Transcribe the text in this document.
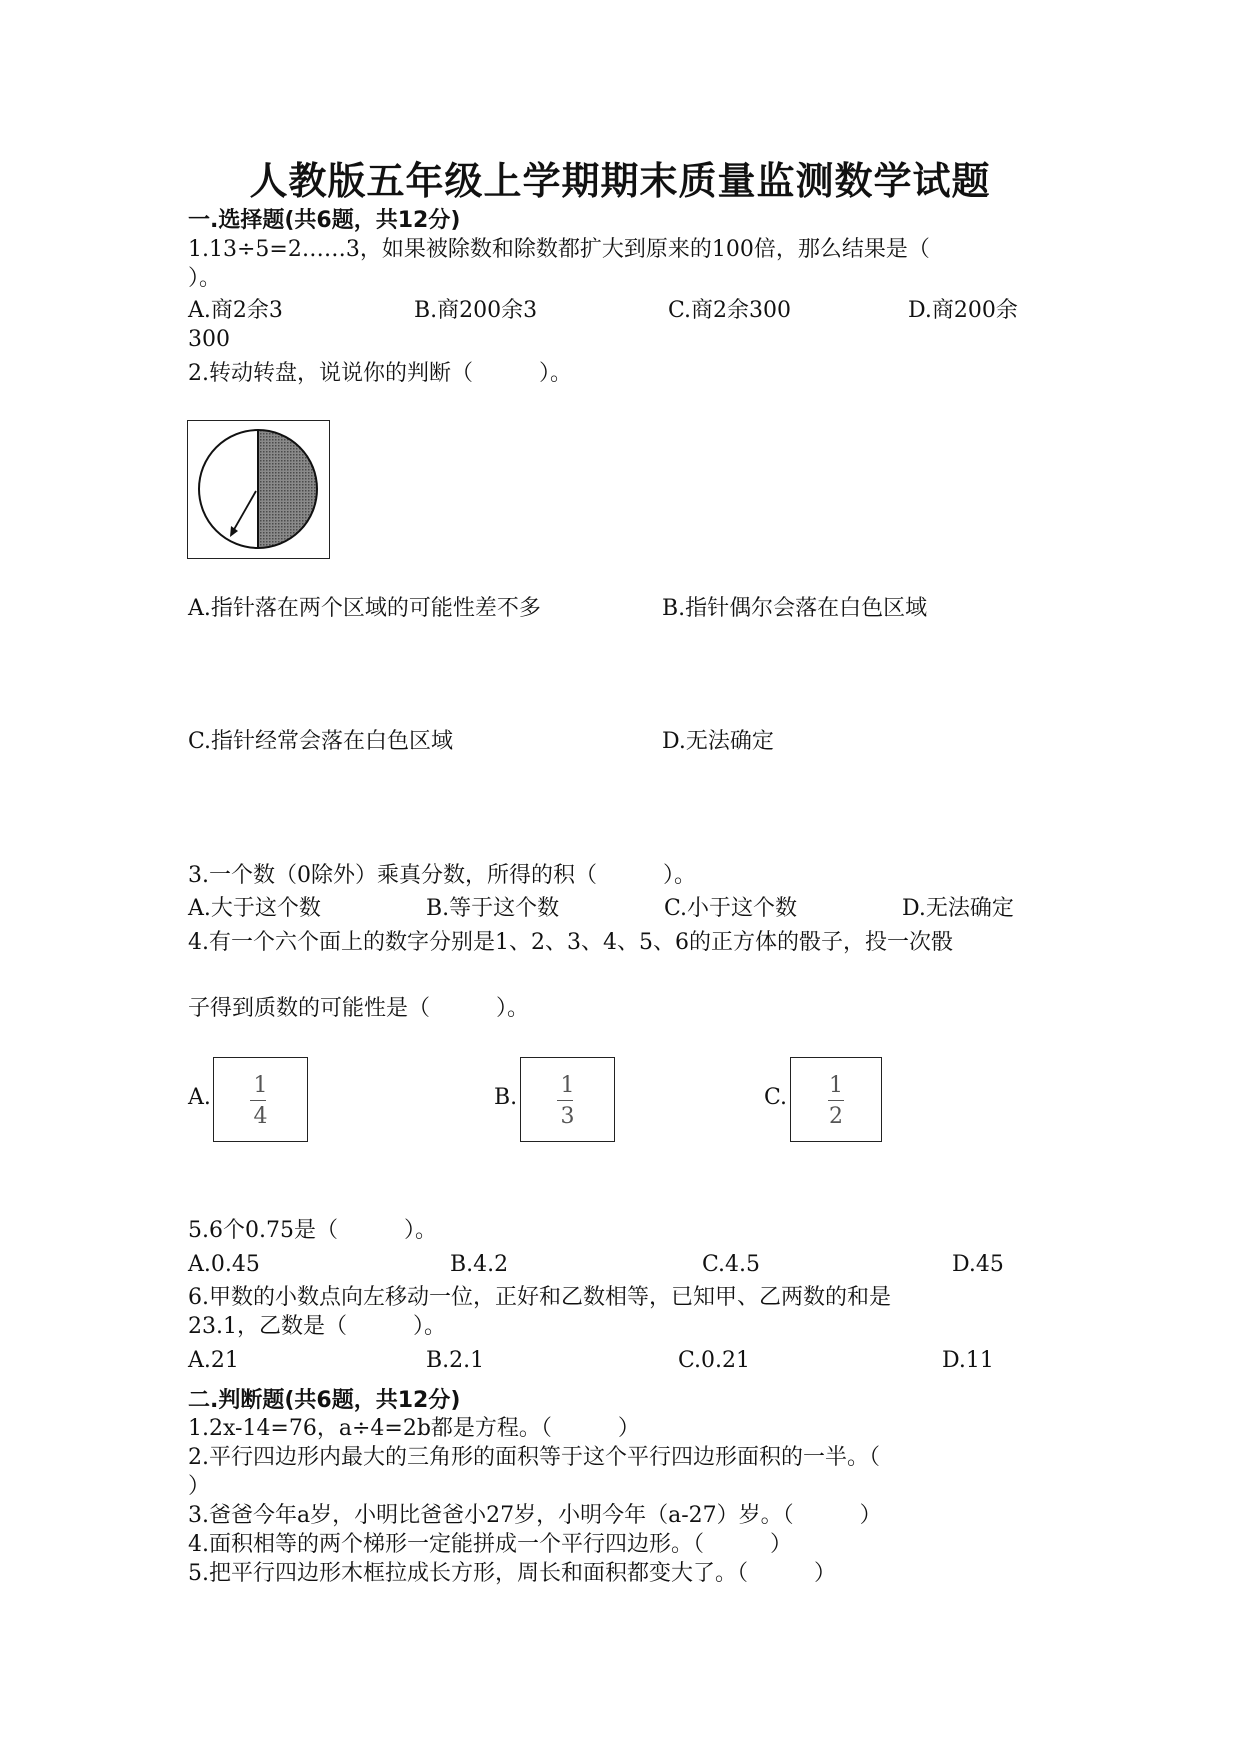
人教版五年级上学期期末质量监测数学试题
一.选择题(共6题，共12分)
1.13÷5=2……3，如果被除数和除数都扩大到原来的100倍，那么结果是（
）。
A.商2余3	B.商200余3	C.商2余300	D.商200余
300
2.转动转盘，说说你的判断（　　　）。
A.指针落在两个区域的可能性差不多	B.指针偶尔会落在白色区域
C.指针经常会落在白色区域	D.无法确定
3.一个数（0除外）乘真分数，所得的积（　　　）。
A.大于这个数	B.等于这个数	C.小于这个数	D.无法确定
4.有一个六个面上的数字分别是1、2、3、4、5、6的正方体的骰子，投一次骰
子得到质数的可能性是（　　　）。
A.	1
4
B.	1
3
C.	1
2
5.6个0.75是（　　　）。
A.0.45	B.4.2	C.4.5	D.45
6.甲数的小数点向左移动一位，正好和乙数相等，已知甲、乙两数的和是
23.1，乙数是（　　　）。
A.21	B.2.1	C.0.21	D.11
二.判断题(共6题，共12分)
1.2x-14=76，a÷4=2b都是方程。（　　　）
2.平行四边形内最大的三角形的面积等于这个平行四边形面积的一半。（
）
3.爸爸今年a岁，小明比爸爸小27岁，小明今年（a-27）岁。（　　　）
4.面积相等的两个梯形一定能拼成一个平行四边形。（　　　）
5.把平行四边形木框拉成长方形，周长和面积都变大了。（　　　）
